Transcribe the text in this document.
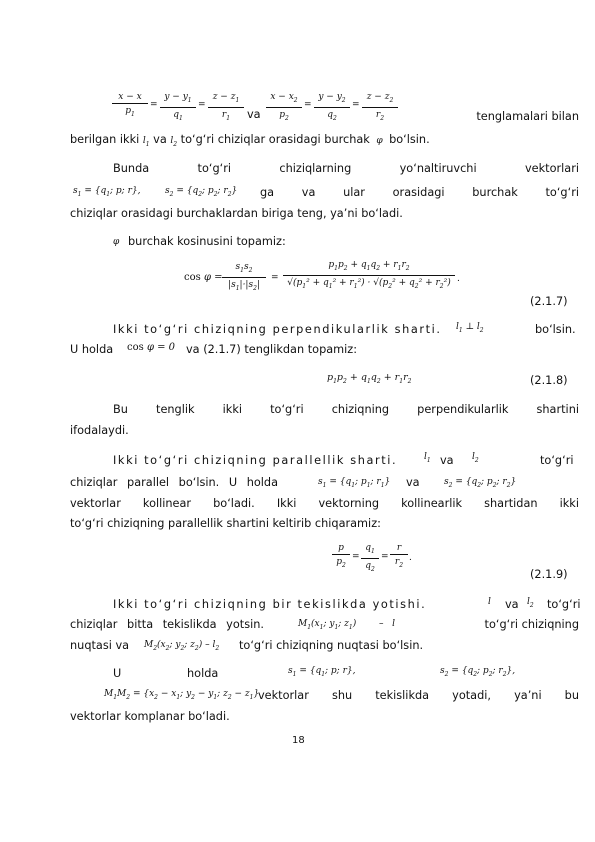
$\frac{x - x}{p_1} = \frac{y - y_1}{q_1} = \frac{z - z_1}{r_1}$ va $\frac{x - x_2}{p_2} = \frac{y - y_2}{q_2} = \frac{z - z_2}{r_2}$	tenglamalari bilan
berilgan ikki $l_1$ va $l_2$ to‘g‘ri chiziqlar orasidagi burchak  φ  bo‘lsin.
Bunda	to‘g‘ri	chiziqlarning	yo‘naltiruvchi	vektorlari
$s_1 = \{q_1$; p; r},	$s_2 = \{q_2$; $p_2$; $r_2$} ga va ular orasidagi burchak to‘g‘ri
chiziqlar orasidagi burchaklardan biriga teng, ya’ni bo‘ladi.
φ burchak kosinusini topamiz:
$\cos \varphi = \frac{s_1s_2}{|s_1|\cdot|s_2|} = \frac{p_1p_2 + q_1q_2 + r_1r_2}{√(p_1^2 + q_1^2 + r_1^2) \cdot √(p_2^2 + q_2^2 + r_2^2)}$ .
(2.1.7)
Ikki to‘g‘ri chiziqning perpendikularlik sharti. $l_1$ ⊥ $l_2$	bo‘lsin.
U holda cos φ = 0 va (2.1.7) tenglikdan topamiz:
$p_1p_2 + q_1q_2 + r_1r_2$	(2.1.8)
Bu tenglik ikki to‘g‘ri chiziqning perpendikularlik shartini
ifodalaydi.
Ikki to‘g‘ri chiziqning parallellik sharti.	$l_1$ va $l_2$	to‘g‘ri
chiziqlar parallel bo‘lsin. U holda	$s_1 = \{q_1$; $p_1$; $r_1$} va	$s_2 = \{q_2$; $p_2$; $r_2$}
vektorlar kollinear bo‘ladi. Ikki vektorning kollinearlik shartidan ikki
to‘g‘ri chiziqning parallellik shartini keltirib chiqaramiz:
$\frac{p}{p_2} = \frac{q_1}{q_2} = \frac{r}{r_2}$ .
(2.1.9)
Ikki to‘g‘ri chiziqning bir tekislikda yotishi.	l va $l_2$ to‘g‘ri
chiziqlar bitta tekislikda yotsin.	$M_1(x_1$; $y_1$; $z_1$)	–   l	to‘g‘ri chiziqning
nuqtasi va $M_2(x_2$; $y_2$; $z_2) - l_2$ to‘g‘ri chiziqning nuqtasi bo‘lsin.
U	holda	$s_1 = \{q_1$; p; r},	$s_2 = \{q_2$; $p_2$; $r_2$},
$M_1M_2 = \{x_2 - x_1$; $y_2 - y_1$; $z_2 - z_1$}
vektorlar shu tekislikda yotadi, ya’ni bu
vektorlar komplanar bo‘ladi.
18
